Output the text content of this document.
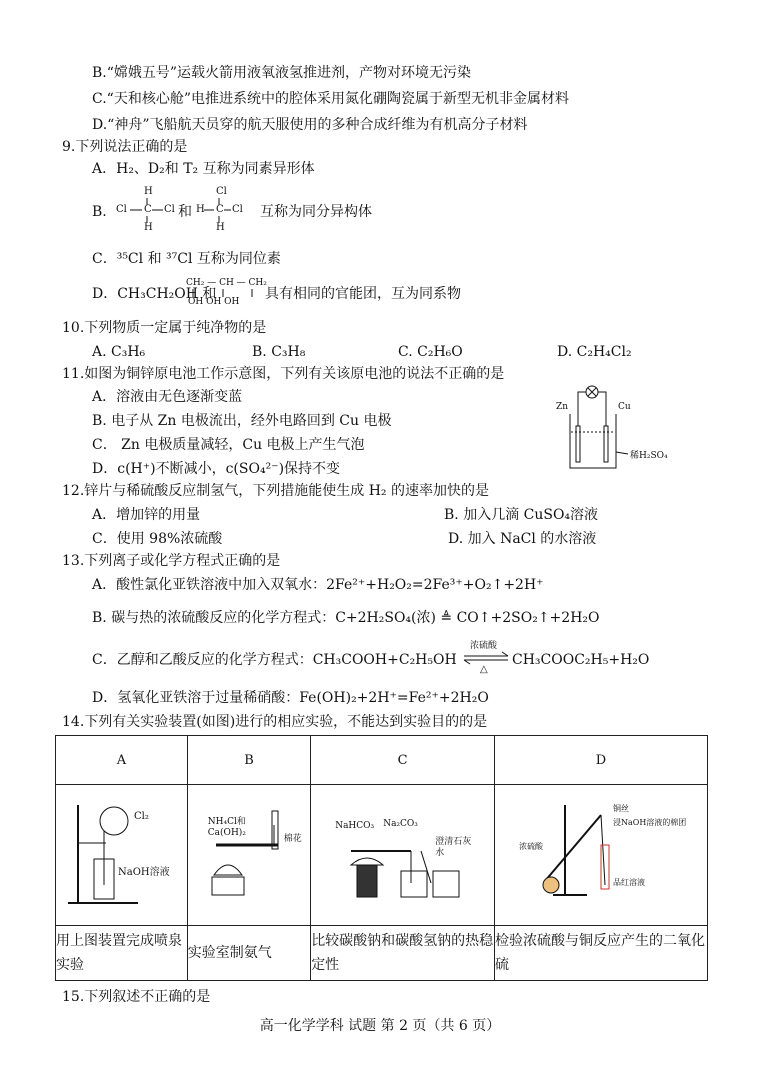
B.“嫦娥五号”运载火箭用液氧液氢推进剂，产物对环境无污染
C.“天和核心舱”电推进系统中的腔体采用氮化硼陶瓷属于新型无机非金属材料
D.“神舟”飞船航天员穿的航天服使用的多种合成纤维为有机高分子材料
9.下列说法正确的是
A．H₂、D₂和 T₂ 互称为同素异形体
B.
H
Cl C Cl
H
和
Cl
H C Cl
H
互称为同分异构体
C．³⁵Cl 和 ³⁷Cl 互称为同位素
D．CH₃CH₂OH 和
CH₂ — CH — CH₂
OH OH OH 具有相同的官能团，互为同系物
10.下列物质一定属于纯净物的是
A. C₃H₆	B. C₃H₈	C. C₂H₆O	D. C₂H₄Cl₂
11.如图为铜锌原电池工作示意图，下列有关该原电池的说法不正确的是
A．溶液由无色逐渐变蓝
B. 电子从 Zn 电极流出，经外电路回到 Cu 电极
C． Zn 电极质量减轻，Cu 电极上产生气泡
D．c(H⁺)不断减小，c(SO₄²⁻)保持不变
Zn	Cu
稀H₂SO₄
12.锌片与稀硫酸反应制氢气，下列措施能使生成 H₂ 的速率加快的是
A．增加锌的用量	B. 加入几滴 CuSO₄溶液
C．使用 98%浓硫酸	D. 加入 NaCl 的水溶液
13.下列离子或化学方程式正确的是
A．酸性氯化亚铁溶液中加入双氧水：2Fe²⁺+H₂O₂=2Fe³⁺+O₂↑+2H⁺
B. 碳与热的浓硫酸反应的化学方程式：C+2H₂SO₄(浓) ≜ CO↑+2SO₂↑+2H₂O
C．乙醇和乙酸反应的化学方程式：CH₃COOH+C₂H₅OH
浓硫酸
△
CH₃COOC₂H₅+H₂O
D．氢氧化亚铁溶于过量稀硝酸：Fe(OH)₂+2H⁺=Fe²⁺+2H₂O
14.下列有关实验装置(如图)进行的相应实验，不能达到实验目的的是
A	B	C	D

Cl₂
NaOH溶液	NH₄Cl和
Ca(OH)₂
棉花	NaHCO₃ Na₂CO₃
澄清石灰水	铜丝
浸NaOH溶液的棉团
浓硫酸
品红溶液

用上图装置完成喷泉实验	实验室制氨气	比较碳酸钠和碳酸氢钠的热稳定性	检验浓硫酸与铜反应产生的二氧化硫
15.下列叙述不正确的是
高一化学学科 试题 第 2 页（共 6 页）
